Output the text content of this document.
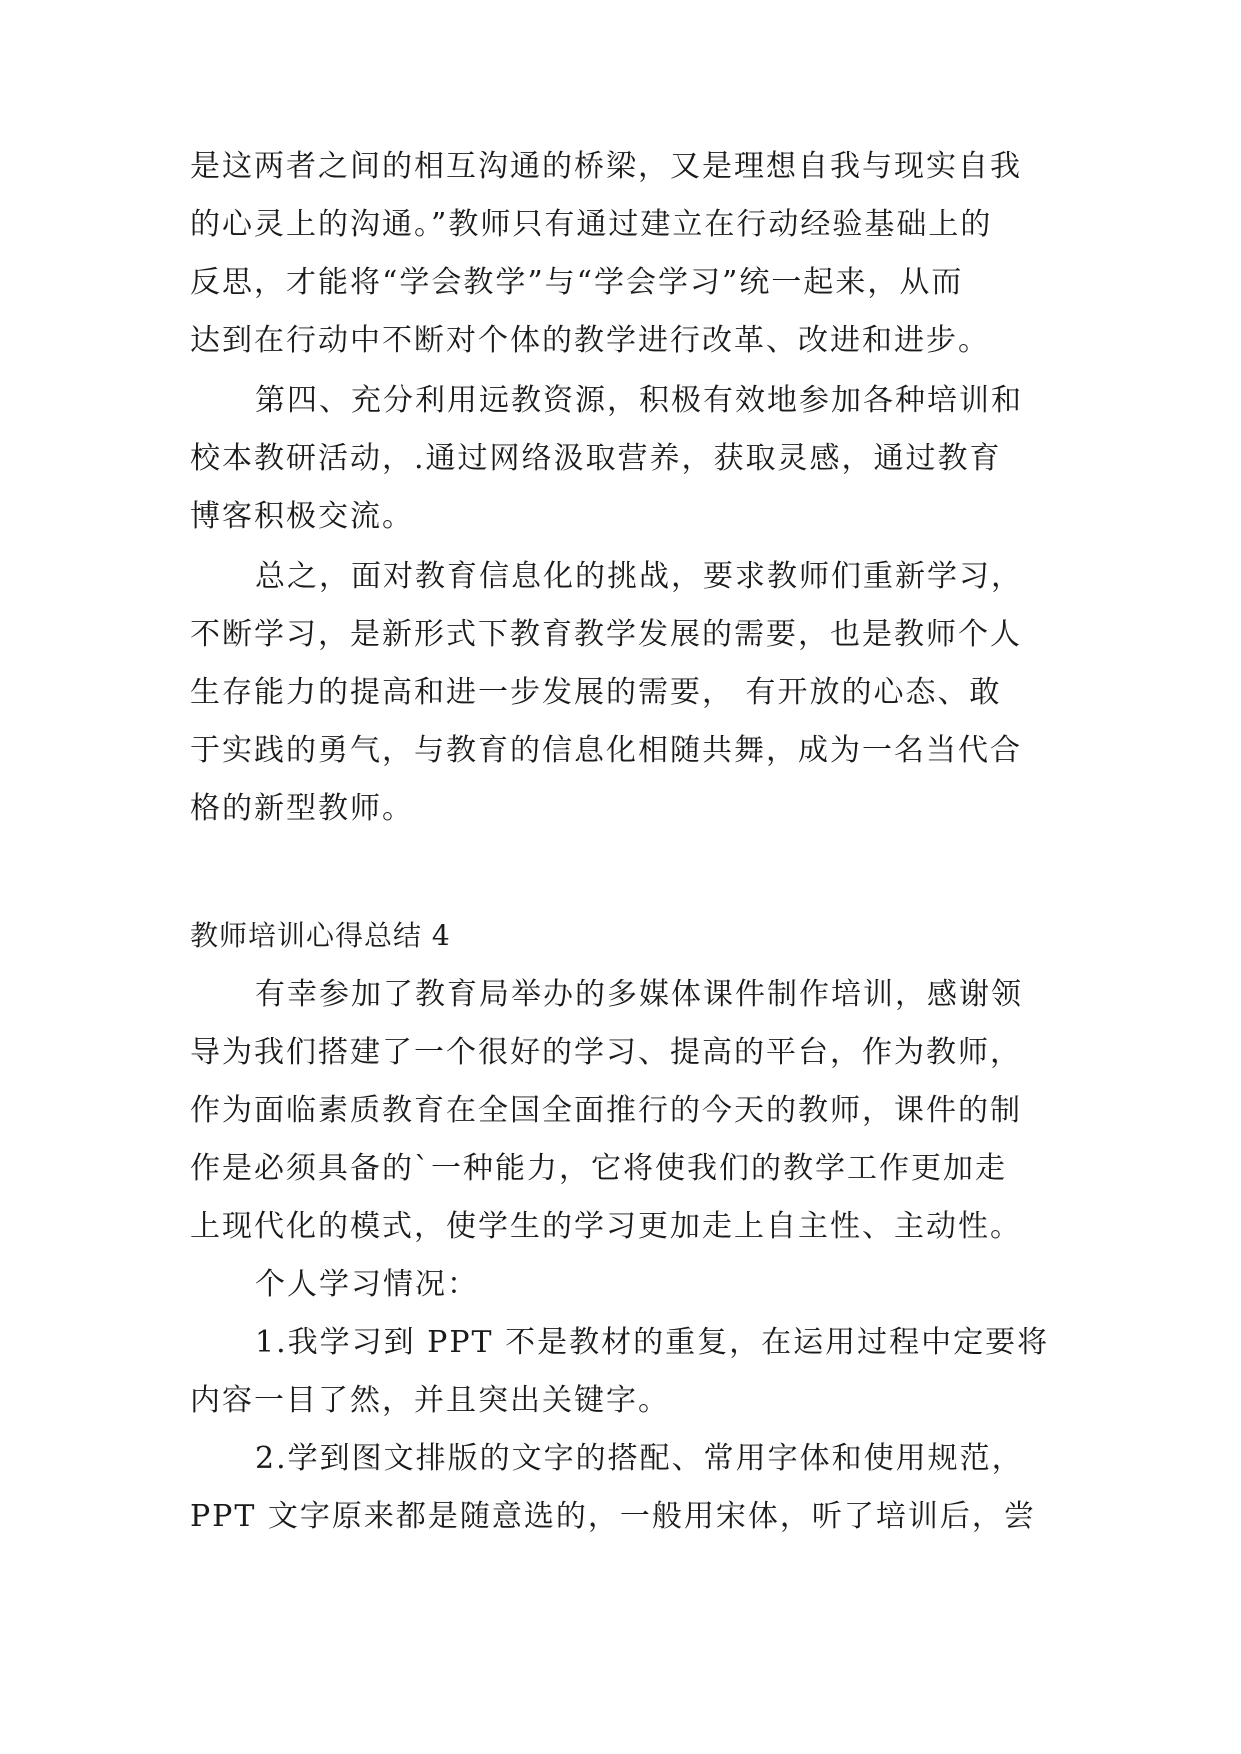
是这两者之间的相互沟通的桥梁，又是理想自我与现实自我
的心灵上的沟通。”教师只有通过建立在行动经验基础上的
反思，才能将“学会教学”与“学会学习”统一起来，从而
达到在行动中不断对个体的教学进行改革、改进和进步。
第四、充分利用远教资源，积极有效地参加各种培训和
校本教研活动，.通过网络汲取营养，获取灵感，通过教育
博客积极交流。
总之，面对教育信息化的挑战，要求教师们重新学习，
不断学习，是新形式下教育教学发展的需要，也是教师个人
生存能力的提高和进一步发展的需要， 有开放的心态、敢
于实践的勇气，与教育的信息化相随共舞，成为一名当代合
格的新型教师。
教师培训心得总结 4
有幸参加了教育局举办的多媒体课件制作培训，感谢领
导为我们搭建了一个很好的学习、提高的平台，作为教师，
作为面临素质教育在全国全面推行的今天的教师，课件的制
作是必须具备的`一种能力，它将使我们的教学工作更加走
上现代化的模式，使学生的学习更加走上自主性、主动性。
个人学习情况：
1.我学习到 PPT 不是教材的重复，在运用过程中定要将
内容一目了然，并且突出关键字。
2.学到图文排版的文字的搭配、常用字体和使用规范，
PPT 文字原来都是随意选的，一般用宋体，听了培训后，尝
